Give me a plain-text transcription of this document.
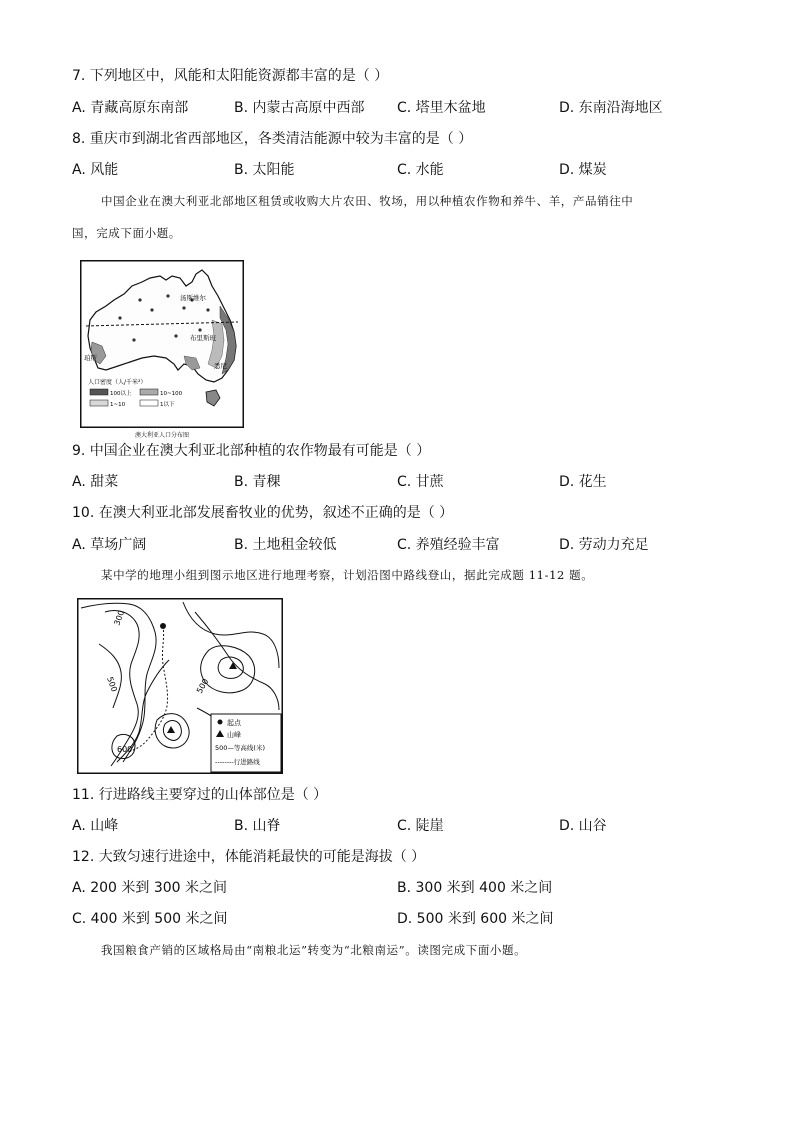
7. 下列地区中，风能和太阳能资源都丰富的是（ ）
A. 青藏高原东南部	B. 内蒙古高原中西部 C. 塔里木盆地	D. 东南沿海地区
8. 重庆市到湖北省西部地区，各类清洁能源中较为丰富的是（ ）
A. 风能	B. 太阳能	C. 水能	D. 煤炭
中国企业在澳大利亚北部地区租赁或收购大片农田、牧场，用以种植农作物和养牛、羊，产品销往中
国，完成下面小题。
汤斯维尔
布里斯班
悉尼
珀斯
人口密度（人/千米²）
100以上	10~100
1~10	1以下
澳大利亚人口分布图
9. 中国企业在澳大利亚北部种植的农作物最有可能是（ ）
A. 甜菜	B. 青稞	C. 甘蔗	D. 花生
10. 在澳大利亚北部发展畜牧业的优势，叙述不正确的是（ ）
A. 草场广阔	B. 土地租金较低	C. 养殖经验丰富	D. 劳动力充足
某中学的地理小组到图示地区进行地理考察，计划沿图中路线登山，据此完成题 11-12 题。
300
500	500
600
起点
山峰
500—等高线(米)
--------行进路线
11. 行进路线主要穿过的山体部位是（ ）
A. 山峰	B. 山脊	C. 陡崖	D. 山谷
12. 大致匀速行进途中，体能消耗最快的可能是海拔（ ）
A. 200 米到 300 米之间	B. 300 米到 400 米之间
C. 400 米到 500 米之间	D. 500 米到 600 米之间
我国粮食产销的区域格局由“南粮北运”转变为“北粮南运”。读图完成下面小题。
